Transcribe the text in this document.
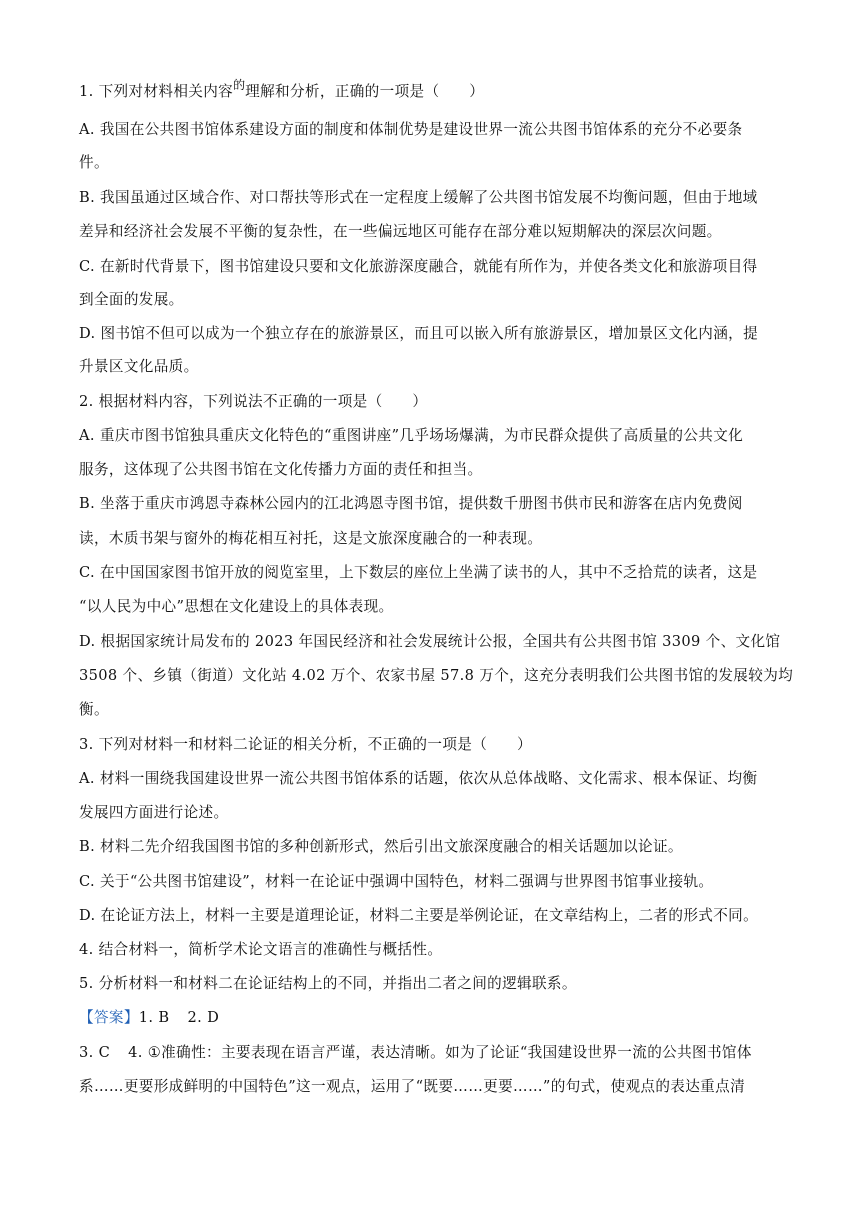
1. 下列对材料相关内容$^的$理解和分析，正确的一项是（　　）
A. 我国在公共图书馆体系建设方面的制度和体制优势是建设世界一流公共图书馆体系的充分不必要条
件。
B. 我国虽通过区域合作、对口帮扶等形式在一定程度上缓解了公共图书馆发展不均衡问题，但由于地域
差异和经济社会发展不平衡的复杂性，在一些偏远地区可能存在部分难以短期解决的深层次问题。
C. 在新时代背景下，图书馆建设只要和文化旅游深度融合，就能有所作为，并使各类文化和旅游项目得
到全面的发展。
D. 图书馆不但可以成为一个独立存在的旅游景区，而且可以嵌入所有旅游景区，增加景区文化内涵，提
升景区文化品质。
2. 根据材料内容，下列说法不正确的一项是（　　）
A. 重庆市图书馆独具重庆文化特色的“重图讲座”几乎场场爆满，为市民群众提供了高质量的公共文化
服务，这体现了公共图书馆在文化传播力方面的责任和担当。
B. 坐落于重庆市鸿恩寺森林公园内的江北鸿恩寺图书馆，提供数千册图书供市民和游客在店内免费阅
读，木质书架与窗外的梅花相互衬托，这是文旅深度融合的一种表现。
C. 在中国国家图书馆开放的阅览室里，上下数层的座位上坐满了读书的人，其中不乏拾荒的读者，这是
“以人民为中心”思想在文化建设上的具体表现。
D. 根据国家统计局发布的 2023 年国民经济和社会发展统计公报，全国共有公共图书馆 3309 个、文化馆
3508 个、乡镇（街道）文化站 4.02 万个、农家书屋 57.8 万个，这充分表明我们公共图书馆的发展较为均
衡。
3. 下列对材料一和材料二论证的相关分析，不正确的一项是（　　）
A. 材料一围绕我国建设世界一流公共图书馆体系的话题，依次从总体战略、文化需求、根本保证、均衡
发展四方面进行论述。
B. 材料二先介绍我国图书馆的多种创新形式，然后引出文旅深度融合的相关话题加以论证。
C. 关于“公共图书馆建设”，材料一在论证中强调中国特色，材料二强调与世界图书馆事业接轨。
D. 在论证方法上，材料一主要是道理论证，材料二主要是举例论证，在文章结构上，二者的形式不同。
4. 结合材料一，简析学术论文语言的准确性与概括性。
5. 分析材料一和材料二在论证结构上的不同，并指出二者之间的逻辑联系。
【答案】1. B 2. D
3. C 4. ①准确性：主要表现在语言严谨，表达清晰。如为了论证“我国建设世界一流的公共图书馆体
系……更要形成鲜明的中国特色”这一观点，运用了“既要……更要……”的句式，使观点的表达重点清
